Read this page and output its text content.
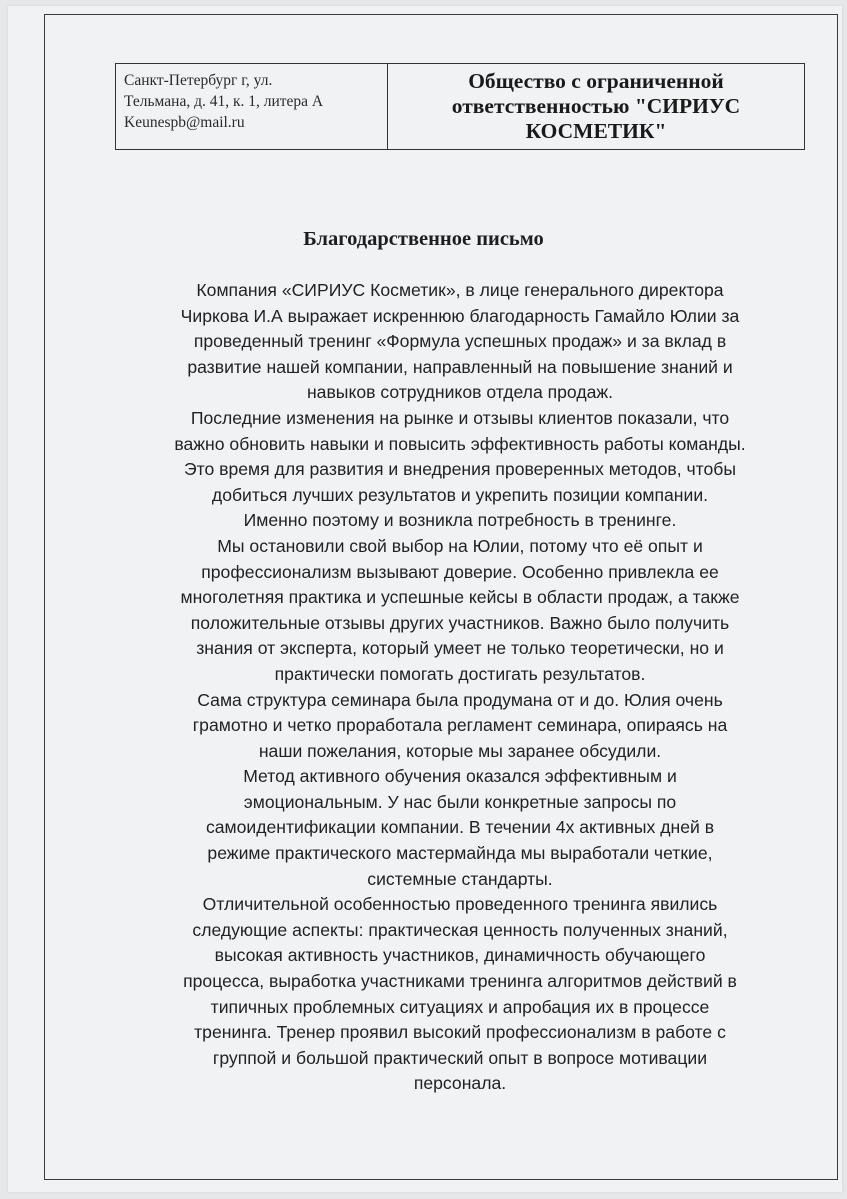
Санкт-Петербург г, ул.
Тельмана, д. 41, к. 1, литера А
Keunespb@mail.ru
Общество с ограниченной
ответственностью "СИРИУС
КОСМЕТИК"
Благодарственное письмо
Компания «СИРИУС Косметик», в лице генерального директора
Чиркова И.А выражает искреннюю благодарность Гамайло Юлии за
проведенный тренинг «Формула успешных продаж» и за вклад в
развитие нашей компании, направленный на повышение знаний и
навыков сотрудников отдела продаж.
Последние изменения на рынке и отзывы клиентов показали, что
важно обновить навыки и повысить эффективность работы команды.
Это время для развития и внедрения проверенных методов, чтобы
добиться лучших результатов и укрепить позиции компании.
Именно поэтому и возникла потребность в тренинге.
Мы остановили свой выбор на Юлии, потому что её опыт и
профессионализм вызывают доверие. Особенно привлекла ее
многолетняя практика и успешные кейсы в области продаж, а также
положительные отзывы других участников. Важно было получить
знания от эксперта, который умеет не только теоретически, но и
практически помогать достигать результатов.
Сама структура семинара была продумана от и до. Юлия очень
грамотно и четко проработала регламент семинара, опираясь на
наши пожелания, которые мы заранее обсудили.
Метод активного обучения оказался эффективным и
эмоциональным. У нас были конкретные запросы по
самоидентификации компании. В течении 4х активных дней в
режиме практического мастермайнда мы выработали четкие,
системные стандарты.
Отличительной особенностью проведенного тренинга явились
следующие аспекты: практическая ценность полученных знаний,
высокая активность участников, динамичность обучающего
процесса, выработка участниками тренинга алгоритмов действий в
типичных проблемных ситуациях и апробация их в процессе
тренинга. Тренер проявил высокий профессионализм в работе с
группой и большой практический опыт в вопросе мотивации
персонала.
